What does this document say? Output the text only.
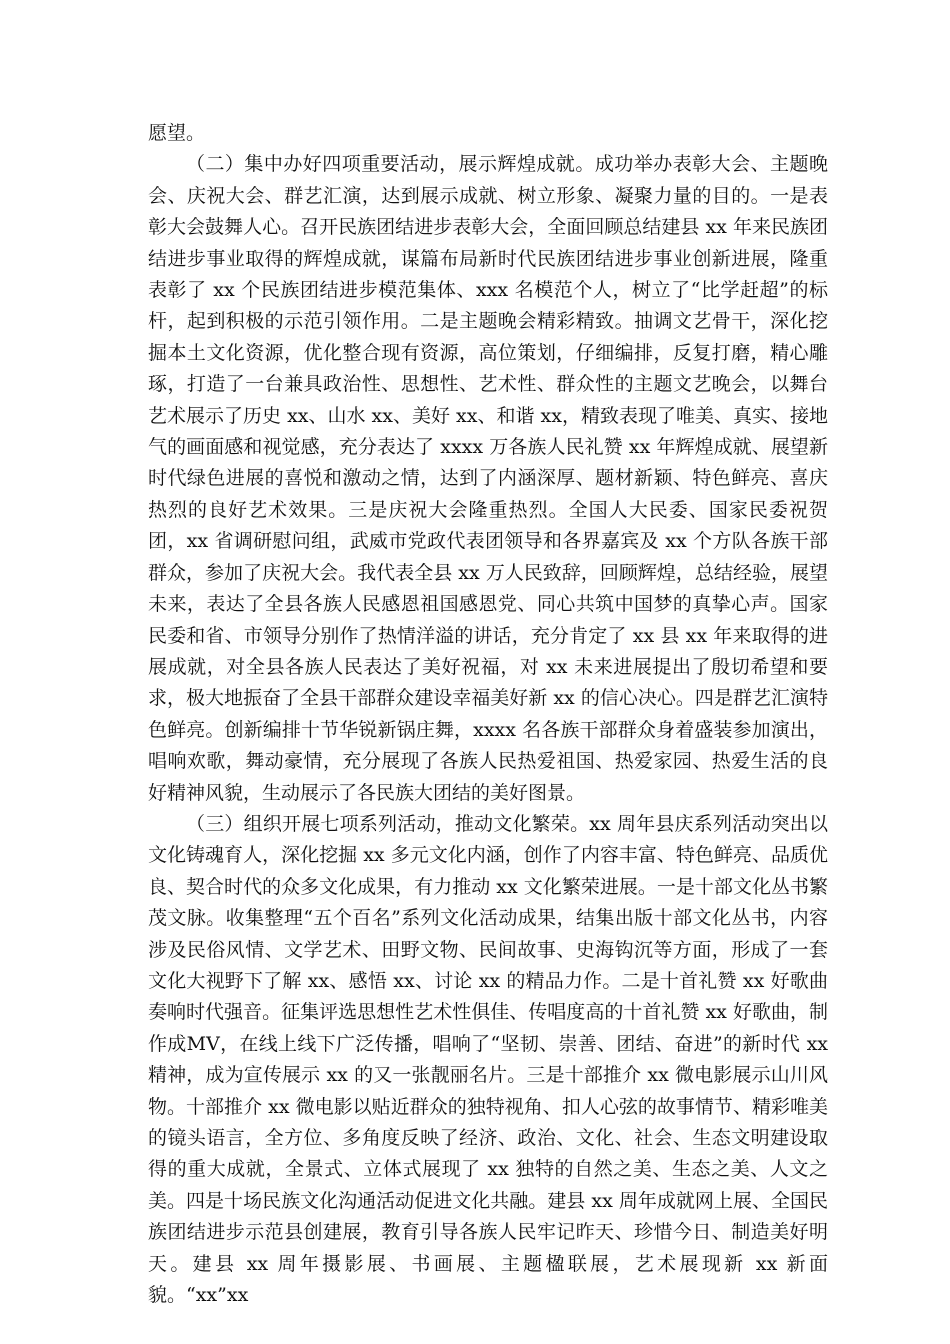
愿望。

（二）集中办好四项重要活动，展示辉煌成就。成功举办表彰大会、主题晚会、庆祝大会、群艺汇演，达到展示成就、树立形象、凝聚力量的目的。一是表彰大会鼓舞人心。召开民族团结进步表彰大会，全面回顾总结建县 xx 年来民族团结进步事业取得的辉煌成就，谋篇布局新时代民族团结进步事业创新进展，隆重表彰了 xx 个民族团结进步模范集体、xxx 名模范个人，树立了“比学赶超”的标杆，起到积极的示范引领作用。二是主题晚会精彩精致。抽调文艺骨干，深化挖掘本土文化资源，优化整合现有资源，高位策划，仔细编排，反复打磨，精心雕琢，打造了一台兼具政治性、思想性、艺术性、群众性的主题文艺晚会，以舞台艺术展示了历史 xx、山水 xx、美好 xx、和谐 xx，精致表现了唯美、真实、接地气的画面感和视觉感，充分表达了 xxxx 万各族人民礼赞 xx 年辉煌成就、展望新时代绿色进展的喜悦和激动之情，达到了内涵深厚、题材新颖、特色鲜亮、喜庆热烈的良好艺术效果。三是庆祝大会隆重热烈。全国人大民委、国家民委祝贺团，xx 省调研慰问组，武威市党政代表团领导和各界嘉宾及 xx 个方队各族干部群众，参加了庆祝大会。我代表全县 xx 万人民致辞，回顾辉煌，总结经验，展望未来，表达了全县各族人民感恩祖国感恩党、同心共筑中国梦的真挚心声。国家民委和省、市领导分别作了热情洋溢的讲话，充分肯定了 xx 县 xx 年来取得的进展成就，对全县各族人民表达了美好祝福，对 xx 未来进展提出了殷切希望和要求，极大地振奋了全县干部群众建设幸福美好新 xx 的信心决心。四是群艺汇演特色鲜亮。创新编排十节华锐新锅庄舞，xxxx 名各族干部群众身着盛装参加演出，唱响欢歌，舞动豪情，充分展现了各族人民热爱祖国、热爱家园、热爱生活的良好精神风貌，生动展示了各民族大团结的美好图景。

（三）组织开展七项系列活动，推动文化繁荣。xx 周年县庆系列活动突出以文化铸魂育人，深化挖掘 xx 多元文化内涵，创作了内容丰富、特色鲜亮、品质优良、契合时代的众多文化成果，有力推动 xx 文化繁荣进展。一是十部文化丛书繁茂文脉。收集整理“五个百名”系列文化活动成果，结集出版十部文化丛书，内容涉及民俗风情、文学艺术、田野文物、民间故事、史海钩沉等方面，形成了一套文化大视野下了解 xx、感悟 xx、讨论 xx 的精品力作。二是十首礼赞 xx 好歌曲奏响时代强音。征集评选思想性艺术性俱佳、传唱度高的十首礼赞 xx 好歌曲，制作成MV，在线上线下广泛传播，唱响了“坚韧、崇善、团结、奋进”的新时代 xx 精神，成为宣传展示 xx 的又一张靓丽名片。三是十部推介 xx 微电影展示山川风物。十部推介 xx 微电影以贴近群众的独特视角、扣人心弦的故事情节、精彩唯美的镜头语言，全方位、多角度反映了经济、政治、文化、社会、生态文明建设取得的重大成就，全景式、立体式展现了 xx 独特的自然之美、生态之美、人文之美。四是十场民族文化沟通活动促进文化共融。建县 xx 周年成就网上展、全国民族团结进步示范县创建展，教育引导各族人民牢记昨天、珍惜今日、制造美好明天。建县 xx 周年摄影展、书画展、主题楹联展，艺术展现新 xx 新面貌。“xx”xx
